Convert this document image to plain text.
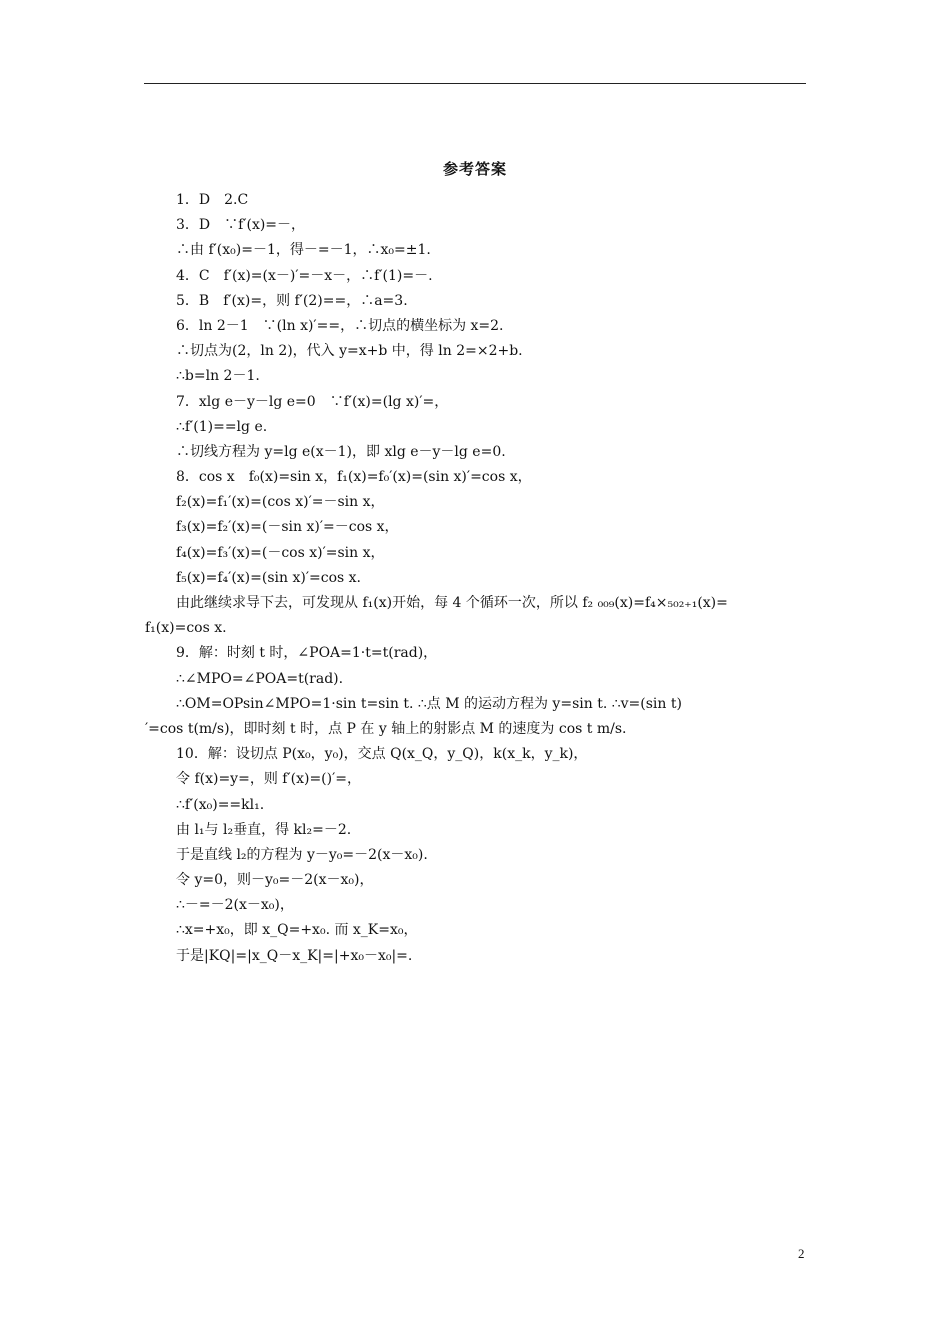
参考答案
1．D　2.C
3．D　∵f′(x)=－，
∴由 f′(x₀)=－1，得－=－1，∴x₀=±1.
4．C　f′(x)=(x－)′=－x－，∴f′(1)=－.
5．B　f′(x)=，则 f′(2)==，∴a=3.
6．ln 2－1　∵(ln x)′==，∴切点的横坐标为 x=2.
∴切点为(2，ln 2)，代入 y=x+b 中，得 ln 2=×2+b.
∴b=ln 2－1.
7．xlg e－y－lg e=0　∵f′(x)=(lg x)′=，
∴f′(1)==lg e.
∴切线方程为 y=lg e(x－1)，即 xlg e－y－lg e=0.
8．cos x　f₀(x)=sin x，f₁(x)=f₀′(x)=(sin x)′=cos x，
f₂(x)=f₁′(x)=(cos x)′=－sin x，
f₃(x)=f₂′(x)=(－sin x)′=－cos x，
f₄(x)=f₃′(x)=(－cos x)′=sin x，
f₅(x)=f₄′(x)=(sin x)′=cos x.
由此继续求导下去，可发现从 f₁(x)开始，每 4 个循环一次，所以 f₂ ₀₀₉(x)=f₄×₅₀₂₊₁(x)=
f₁(x)=cos x.
9．解：时刻 t 时，∠POA=1·t=t(rad)，
∴∠MPO=∠POA=t(rad).
∴OM=OPsin∠MPO=1·sin t=sin t. ∴点 M 的运动方程为 y=sin t. ∴v=(sin t)
′=cos t(m/s)，即时刻 t 时，点 P 在 y 轴上的射影点 M 的速度为 cos t m/s.
10．解：设切点 P(x₀，y₀)，交点 Q(x_Q，y_Q)，k(x_k，y_k)，
令 f(x)=y=，则 f′(x)=()′=，
∴f′(x₀)==kl₁.
由 l₁与 l₂垂直，得 kl₂=－2.
于是直线 l₂的方程为 y－y₀=－2(x－x₀).
令 y=0，则－y₀=－2(x－x₀)，
∴－=－2(x－x₀)，
∴x=+x₀，即 x_Q=+x₀. 而 x_K=x₀，
于是|KQ|=|x_Q－x_K|=|+x₀－x₀|=.
2
